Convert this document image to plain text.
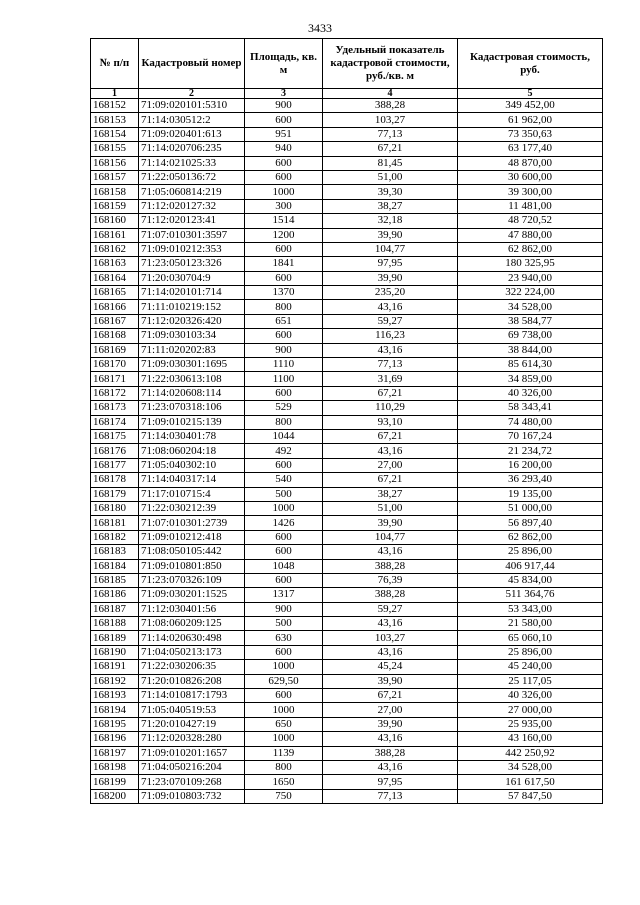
3433
№ п/п	Кадастровый номер	Площадь, кв. м	Удельный показатель кадастровой стоимости, руб./кв. м	Кадастровая стоимость, руб.
1	2	3	4	5
168152	71:09:020101:5310	900	388,28	349 452,00
168153	71:14:030512:2	600	103,27	61 962,00
168154	71:09:020401:613	951	77,13	73 350,63
168155	71:14:020706:235	940	67,21	63 177,40
168156	71:14:021025:33	600	81,45	48 870,00
168157	71:22:050136:72	600	51,00	30 600,00
168158	71:05:060814:219	1000	39,30	39 300,00
168159	71:12:020127:32	300	38,27	11 481,00
168160	71:12:020123:41	1514	32,18	48 720,52
168161	71:07:010301:3597	1200	39,90	47 880,00
168162	71:09:010212:353	600	104,77	62 862,00
168163	71:23:050123:326	1841	97,95	180 325,95
168164	71:20:030704:9	600	39,90	23 940,00
168165	71:14:020101:714	1370	235,20	322 224,00
168166	71:11:010219:152	800	43,16	34 528,00
168167	71:12:020326:420	651	59,27	38 584,77
168168	71:09:030103:34	600	116,23	69 738,00
168169	71:11:020202:83	900	43,16	38 844,00
168170	71:09:030301:1695	1110	77,13	85 614,30
168171	71:22:030613:108	1100	31,69	34 859,00
168172	71:14:020608:114	600	67,21	40 326,00
168173	71:23:070318:106	529	110,29	58 343,41
168174	71:09:010215:139	800	93,10	74 480,00
168175	71:14:030401:78	1044	67,21	70 167,24
168176	71:08:060204:18	492	43,16	21 234,72
168177	71:05:040302:10	600	27,00	16 200,00
168178	71:14:040317:14	540	67,21	36 293,40
168179	71:17:010715:4	500	38,27	19 135,00
168180	71:22:030212:39	1000	51,00	51 000,00
168181	71:07:010301:2739	1426	39,90	56 897,40
168182	71:09:010212:418	600	104,77	62 862,00
168183	71:08:050105:442	600	43,16	25 896,00
168184	71:09:010801:850	1048	388,28	406 917,44
168185	71:23:070326:109	600	76,39	45 834,00
168186	71:09:030201:1525	1317	388,28	511 364,76
168187	71:12:030401:56	900	59,27	53 343,00
168188	71:08:060209:125	500	43,16	21 580,00
168189	71:14:020630:498	630	103,27	65 060,10
168190	71:04:050213:173	600	43,16	25 896,00
168191	71:22:030206:35	1000	45,24	45 240,00
168192	71:20:010826:208	629,50	39,90	25 117,05
168193	71:14:010817:1793	600	67,21	40 326,00
168194	71:05:040519:53	1000	27,00	27 000,00
168195	71:20:010427:19	650	39,90	25 935,00
168196	71:12:020328:280	1000	43,16	43 160,00
168197	71:09:010201:1657	1139	388,28	442 250,92
168198	71:04:050216:204	800	43,16	34 528,00
168199	71:23:070109:268	1650	97,95	161 617,50
168200	71:09:010803:732	750	77,13	57 847,50
